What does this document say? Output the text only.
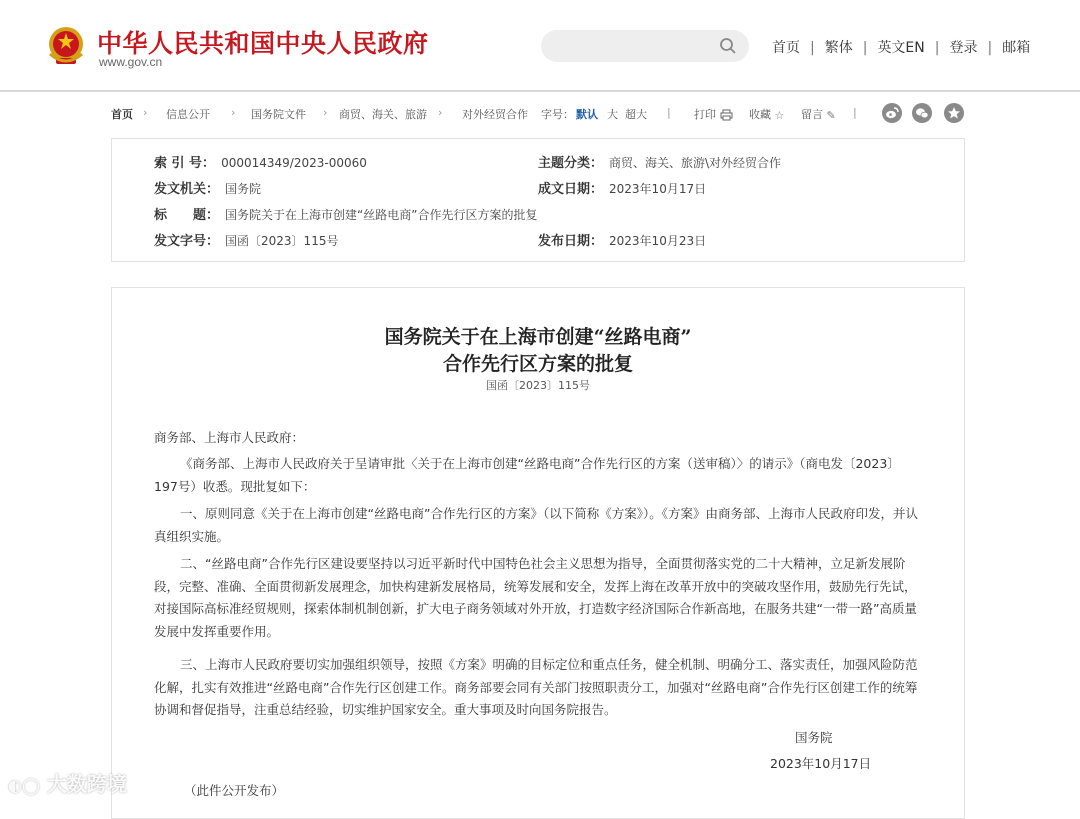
中华人民共和国中央人民政府
www.gov.cn
首页 | 繁体 | 英文EN | 登录 | 邮箱
首页 › 信息公开 › 国务院文件 › 商贸、海关、旅游 › 对外经贸合作 字号： 默认 大 超大 | 打印	收藏 ☆ 留言 ✎ |
索 引 号： 000014349/2023-00060	主题分类： 商贸、海关、旅游\对外经贸合作
发文机关： 国务院	成文日期： 2023年10月17日
标　　题： 国务院关于在上海市创建“丝路电商”合作先行区方案的批复
发文字号： 国函〔2023〕115号	发布日期： 2023年10月23日
国务院关于在上海市创建“丝路电商”
合作先行区方案的批复
国函〔2023〕115号
商务部、上海市人民政府：
《商务部、上海市人民政府关于呈请审批〈关于在上海市创建“丝路电商”合作先行区的方案（送审稿）〉的请示》（商电发〔2023〕197号）收悉。现批复如下：
一、原则同意《关于在上海市创建“丝路电商”合作先行区的方案》（以下简称《方案》）。《方案》由商务部、上海市人民政府印发，并认真组织实施。
二、“丝路电商”合作先行区建设要坚持以习近平新时代中国特色社会主义思想为指导，全面贯彻落实党的二十大精神，立足新发展阶段，完整、准确、全面贯彻新发展理念，加快构建新发展格局，统筹发展和安全，发挥上海在改革开放中的突破攻坚作用，鼓励先行先试，对接国际高标准经贸规则，探索体制机制创新，扩大电子商务领域对外开放，打造数字经济国际合作新高地，在服务共建“一带一路”高质量发展中发挥重要作用。
三、上海市人民政府要切实加强组织领导，按照《方案》明确的目标定位和重点任务，健全机制、明确分工、落实责任，加强风险防范化解，扎实有效推进“丝路电商”合作先行区创建工作。商务部要会同有关部门按照职责分工，加强对“丝路电商”合作先行区创建工作的统筹协调和督促指导，注重总结经验，切实维护国家安全。重大事项及时向国务院报告。
国务院
2023年10月17日
（此件公开发布）
◐◯ 大数跨境
